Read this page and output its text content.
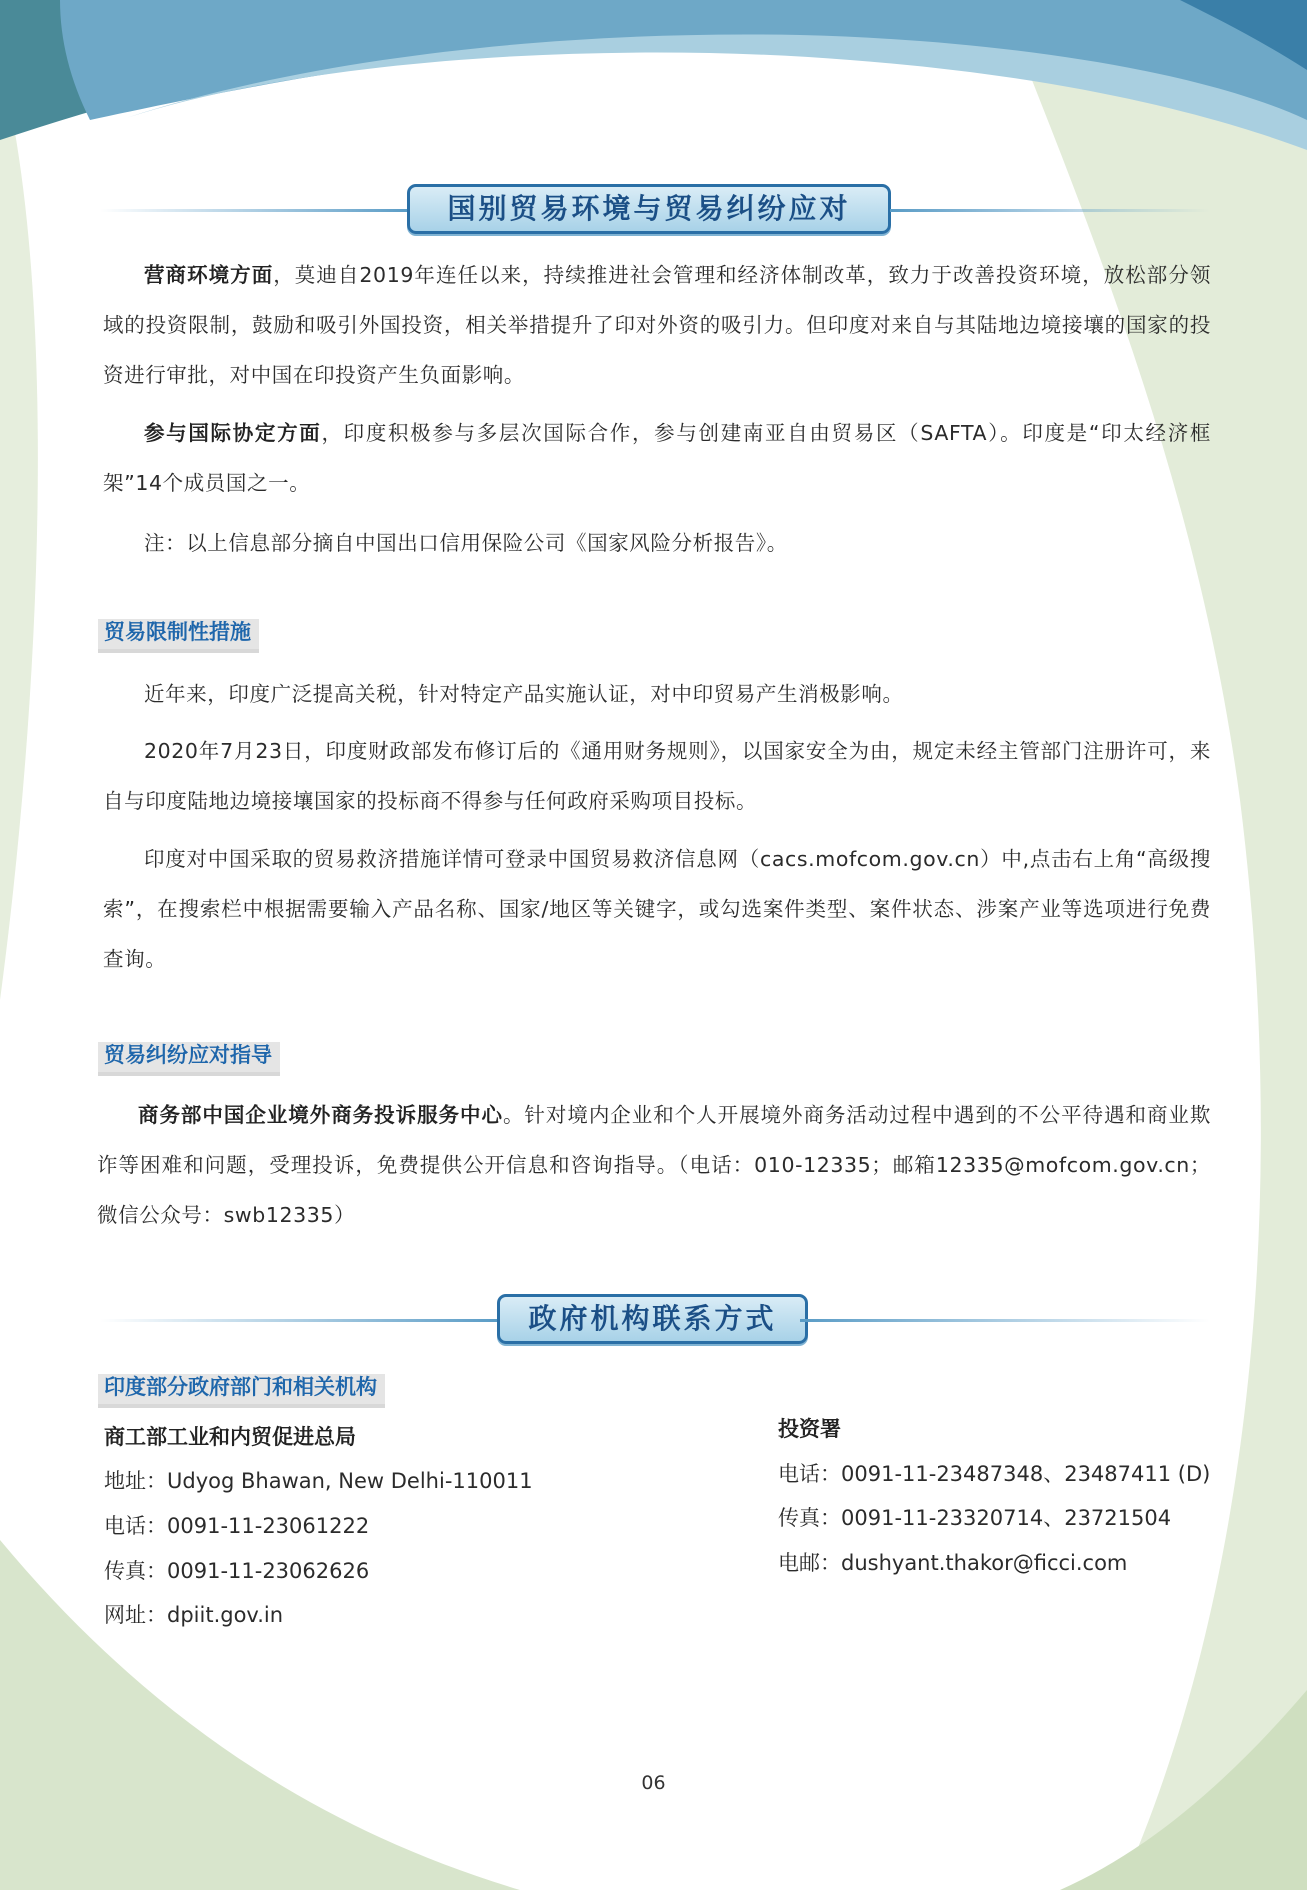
国别贸易环境与贸易纠纷应对

营商环境方面，莫迪自2019年连任以来，持续推进社会管理和经济体制改革，致力于改善投资环境，放松部分领域的投资限制，鼓励和吸引外国投资，相关举措提升了印对外资的吸引力。但印度对来自与其陆地边境接壤的国家的投资进行审批，对中国在印投资产生负面影响。

参与国际协定方面，印度积极参与多层次国际合作，参与创建南亚自由贸易区（SAFTA）。印度是“印太经济框架”14个成员国之一。

注：以上信息部分摘自中国出口信用保险公司《国家风险分析报告》。

贸易限制性措施

近年来，印度广泛提高关税，针对特定产品实施认证，对中印贸易产生消极影响。

2020年7月23日，印度财政部发布修订后的《通用财务规则》，以国家安全为由，规定未经主管部门注册许可，来自与印度陆地边境接壤国家的投标商不得参与任何政府采购项目投标。

印度对中国采取的贸易救济措施详情可登录中国贸易救济信息网（cacs.mofcom.gov.cn）中,点击右上角“高级搜索”，在搜索栏中根据需要输入产品名称、国家/地区等关键字，或勾选案件类型、案件状态、涉案产业等选项进行免费查询。

贸易纠纷应对指导

商务部中国企业境外商务投诉服务中心。针对境内企业和个人开展境外商务活动过程中遇到的不公平待遇和商业欺诈等困难和问题，受理投诉，免费提供公开信息和咨询指导。（电话：010-12335；邮箱12335@mofcom.gov.cn；微信公众号：swb12335）

政府机构联系方式
印度部分政府部门和相关机构
商工部工业和内贸促进总局
地址：Udyog Bhawan, New Delhi-110011
电话：0091-11-23061222
传真：0091-11-23062626
网址：dpiit.gov.in
投资署
电话：0091-11-23487348、23487411 (D)
传真：0091-11-23320714、23721504
电邮：dushyant.thakor@ficci.com
06
